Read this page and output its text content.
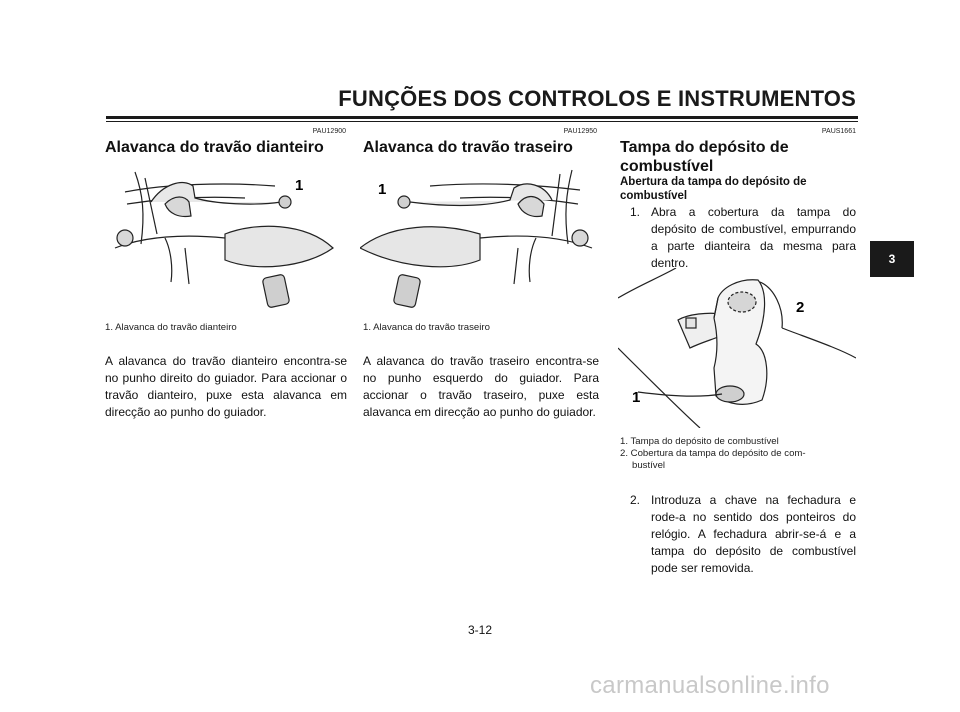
FUNÇÕES DOS CONTROLOS E INSTRUMENTOS
PAU12900
Alavanca do travão dianteiro
1
1. Alavanca do travão dianteiro
A alavanca do travão dianteiro encontra-se no punho direito do guiador. Para accionar o travão dianteiro, puxe esta alavanca em direcção ao punho do guiador.
PAU12950
Alavanca do travão traseiro
1
1. Alavanca do travão traseiro
A alavanca do travão traseiro encontra-se no punho esquerdo do guiador. Para accionar o travão traseiro, puxe esta alavanca em direcção ao punho do guiador.
PAUS1661
Tampa do depósito de
combustível
Abertura da tampa do depósito de
combustível
1. Abra a cobertura da tampa do depósito de combustível, empurrando a parte dianteira da mesma para dentro.
2
1
1. Tampa do depósito de combustível
2. Cobertura da tampa do depósito de com-
bustível
2. Introduza a chave na fechadura e rode-a no sentido dos ponteiros do relógio. A fechadura abrir-se-á e a tampa do depósito de combustível pode ser removida.
3
3-12
carmanualsonline.info
